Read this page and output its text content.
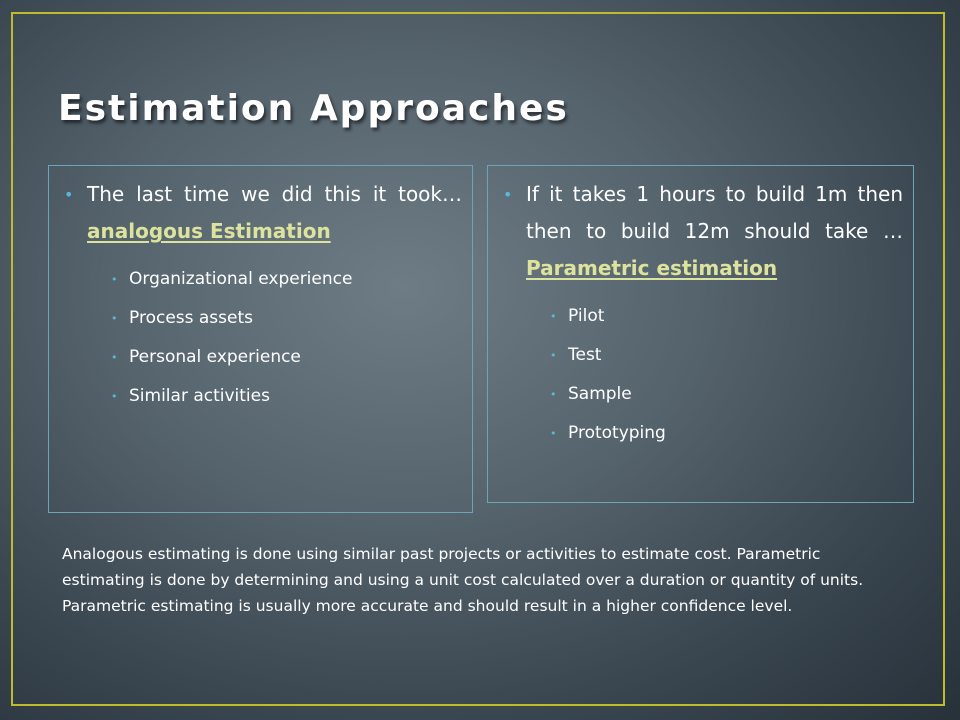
Estimation Approaches
• The last time we did this it took…analogous Estimation
• Organizational experience
• Process assets
• Personal experience
• Similar activities
• If it takes 1 hours to build 1m then then to build 12m should take … Parametric estimation
• Pilot
• Test
• Sample
• Prototyping

Analogous estimating is done using similar past projects or activities to estimate cost. Parametric estimating is done by determining and using a unit cost calculated over a duration or quantity of units. Parametric estimating is usually more accurate and should result in a higher confidence level.
